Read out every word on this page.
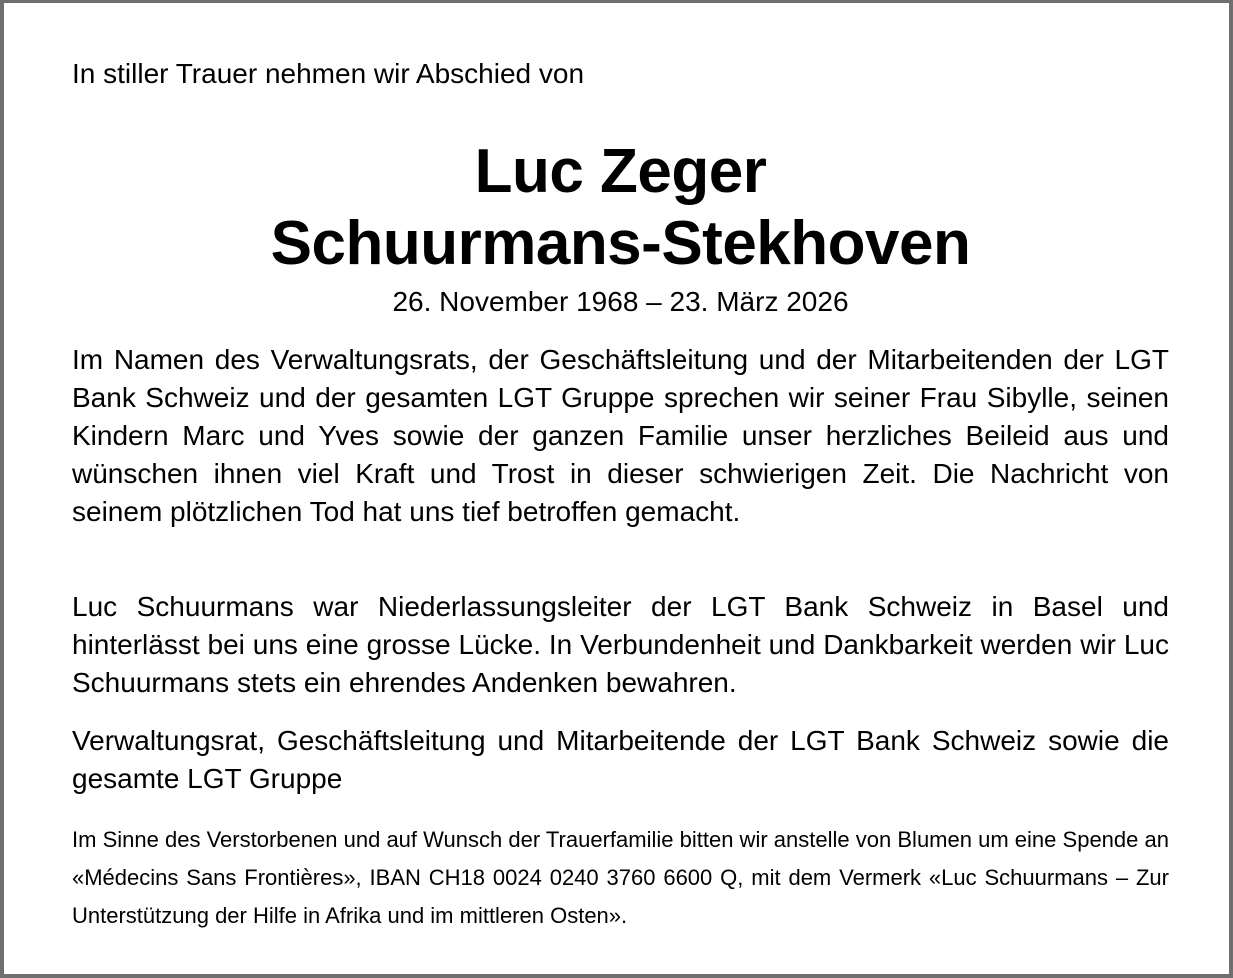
In stiller Trauer nehmen wir Abschied von
Luc Zeger
Schuurmans-Stekhoven
26. November 1968 – 23. März 2026

Im Namen des Verwaltungsrats, der Geschäftsleitung und der Mitarbeitenden der LGT Bank Schweiz und der gesamten LGT Gruppe sprechen wir seiner Frau Sibylle, seinen Kindern Marc und Yves sowie der ganzen Familie unser herzliches Beileid aus und wünschen ihnen viel Kraft und Trost in dieser schwierigen Zeit. Die Nachricht von seinem plötzlichen Tod hat uns tief betroffen gemacht.

Luc Schuurmans war Niederlassungsleiter der LGT Bank Schweiz in Basel und hinterlässt bei uns eine grosse Lücke. In Verbundenheit und Dankbarkeit werden wir Luc Schuurmans stets ein ehrendes Andenken bewahren.

Verwaltungsrat, Geschäftsleitung und Mitarbeitende der LGT Bank Schweiz sowie die gesamte LGT Gruppe

Im Sinne des Verstorbenen und auf Wunsch der Trauerfamilie bitten wir anstelle von Blumen um eine Spende an «Médecins Sans Frontières», IBAN CH18 0024 0240 3760 6600 Q, mit dem Vermerk «Luc Schuurmans – Zur Unterstützung der Hilfe in Afrika und im mittleren Osten».
